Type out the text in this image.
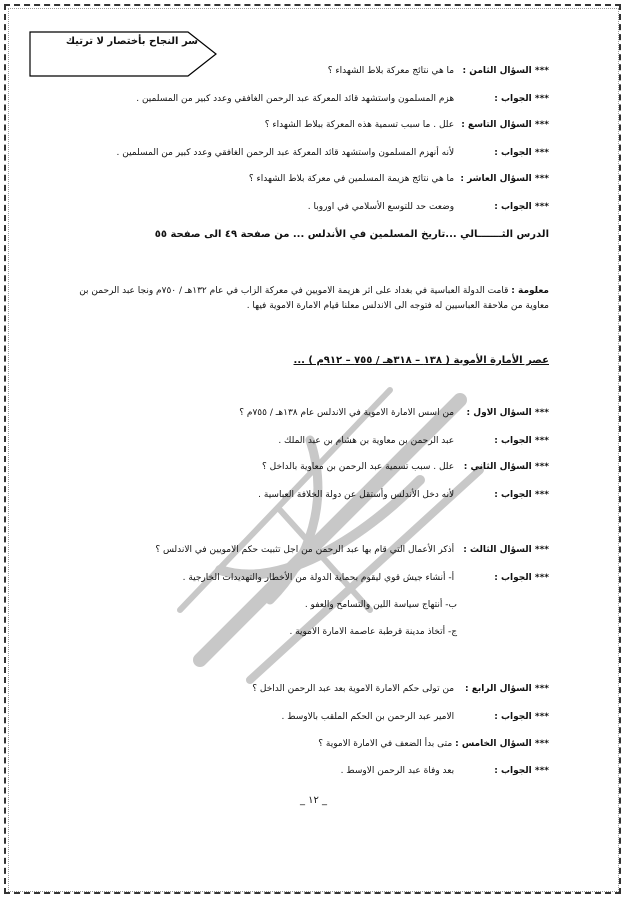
سر النجاح بأختصار لا ترتيك
*** السؤال الثامن : ما هي نتائج معركة بلاط الشهداء ؟
*** الجواب : هزم المسلمون واستشهد قائد المعركة عبد الرحمن الغافقي وعدد كبير من المسلمين .
*** السؤال التاسع : علل . ما سبب تسمية هذه المعركة ببلاط الشهداء ؟
*** الجواب : لأنه أنهزم المسلمون واستشهد قائد المعركة عبد الرحمن الغافقي وعدد كبير من المسلمين .
*** السؤال العاشر : ما هي نتائج هزيمة المسلمين في معركة بلاط الشهداء ؟
*** الجواب : وضعت حد للتوسع الأسلامي في اوروبا .
الدرس الثـــــــالي ...تاريخ المسلمين في الأندلس ... من صفحة ٤٩ الى صفحة ٥٥
معلومة : قامت الدولة العباسية في بغداد على اثر هزيمة الامويين في معركة الزاب في عام ١٣٢هـ / ٧٥٠م ونجا عبد الرحمن بن معاوية من ملاحقة العباسيين له فتوجه الى الاندلس معلنا قيام الامارة الاموية فيها .
عصر الأمارة الأموية ( ١٣٨ – ٣١٨هـ / ٧٥٥ – ٩١٢م ) ...
*** السؤال الاول : من اسس الامارة الاموية في الاندلس عام ١٣٨هـ / ٧٥٥م ؟
*** الجواب : عبد الرحمن بن معاوية بن هشام بن عبد الملك .
*** السؤال الثاني : علل . سبب تسمية عبد الرحمن بن معاوية بالداخل ؟
*** الجواب : لأنه دخل الأندلس وأستقل عن دولة الخلافة العباسية .
*** السؤال الثالث : أذكر الأعمال التي قام بها عبد الرحمن من اجل تثبيت حكم الامويين في الاندلس ؟
*** الجواب : أ- أنشاء جيش قوي ليقوم بحماية الدولة من الأخطار والتهديدات الخارجية .
ب- أنتهاج سياسة اللين والتسامح والعفو .
ج- أتخاذ مدينة قرطبة عاصمة الامارة الاموية .
*** السؤال الرابع : من تولى حكم الامارة الاموية بعد عبد الرحمن الداخل ؟
*** الجواب : الامير عبد الرحمن بن الحكم الملقب بالاوسط .
*** السؤال الخامس : متى بدأ الضعف في الامارة الاموية ؟
*** الجواب : بعد وفاة عبد الرحمن الاوسط .
_ ١٢ _
